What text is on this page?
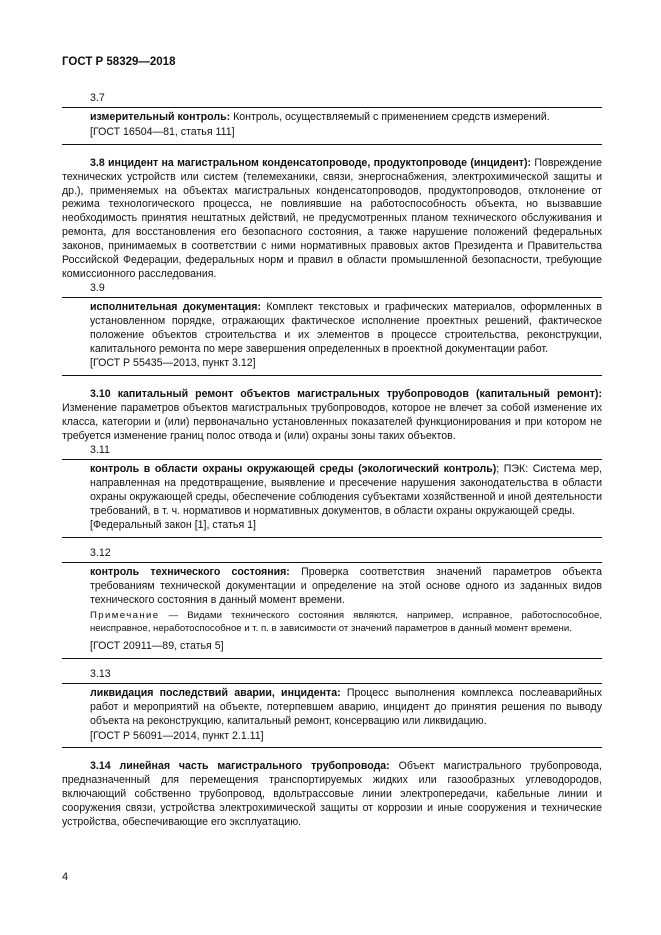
ГОСТ Р 58329—2018

3.7

измерительный контроль: Контроль, осуществляемый с применением средств измерений.

[ГОСТ 16504—81, статья 111]

3.8 инцидент на магистральном конденсатопроводе, продуктопроводе (инцидент): Повреждение технических устройств или систем (телемеханики, связи, энергоснабжения, электрохимической защиты и др.), применяемых на объектах магистральных конденсатопроводов, продуктопроводов, отклонение от режима технологического процесса, не повлиявшие на работоспособность объекта, но вызвавшие необходимость принятия нештатных действий, не предусмотренных планом технического обслуживания и ремонта, для восстановления его безопасного состояния, а также нарушение положений федеральных законов, принимаемых в соответствии с ними нормативных правовых актов Президента и Правительства Российской Федерации, федеральных норм и правил в области промышленной безопасности, требующие комиссионного расследования.

3.9

исполнительная документация: Комплект текстовых и графических материалов, оформленных в установленном порядке, отражающих фактическое исполнение проектных решений, фактическое положение объектов строительства и их элементов в процессе строительства, реконструкции, капитального ремонта по мере завершения определенных в проектной документации работ.

[ГОСТ Р 55435—2013, пункт 3.12]

3.10 капитальный ремонт объектов магистральных трубопроводов (капитальный ремонт): Изменение параметров объектов магистральных трубопроводов, которое не влечет за собой изменение их класса, категории и (или) первоначально установленных показателей функционирования и при котором не требуется изменение границ полос отвода и (или) охраны зоны таких объектов.

3.11

контроль в области охраны окружающей среды (экологический контроль); ПЭК: Система мер, направленная на предотвращение, выявление и пресечение нарушения законодательства в области охраны окружающей среды, обеспечение соблюдения субъектами хозяйственной и иной деятельности требований, в т. ч. нормативов и нормативных документов, в области охраны окружающей среды.

[Федеральный закон [1], статья 1]

3.12

контроль технического состояния: Проверка соответствия значений параметров объекта требованиям технической документации и определение на этой основе одного из заданных видов технического состояния в данный момент времени.

Примечание — Видами технического состояния являются, например, исправное, работоспособное, неисправное, неработоспособное и т. п. в зависимости от значений параметров в данный момент времени.

[ГОСТ 20911—89, статья 5]

3.13

ликвидация последствий аварии, инцидента: Процесс выполнения комплекса послеаварийных работ и мероприятий на объекте, потерпевшем аварию, инцидент до принятия решения по выводу объекта на реконструкцию, капитальный ремонт, консервацию или ликвидацию.

[ГОСТ Р 56091—2014, пункт 2.1.11]

3.14 линейная часть магистрального трубопровода: Объект магистрального трубопровода, предназначенный для перемещения транспортируемых жидких или газообразных углеводородов, включающий собственно трубопровод, вдольтрассовые линии электропередачи, кабельные линии и сооружения связи, устройства электрохимической защиты от коррозии и иные сооружения и технические устройства, обеспечивающие его эксплуатацию.

4
